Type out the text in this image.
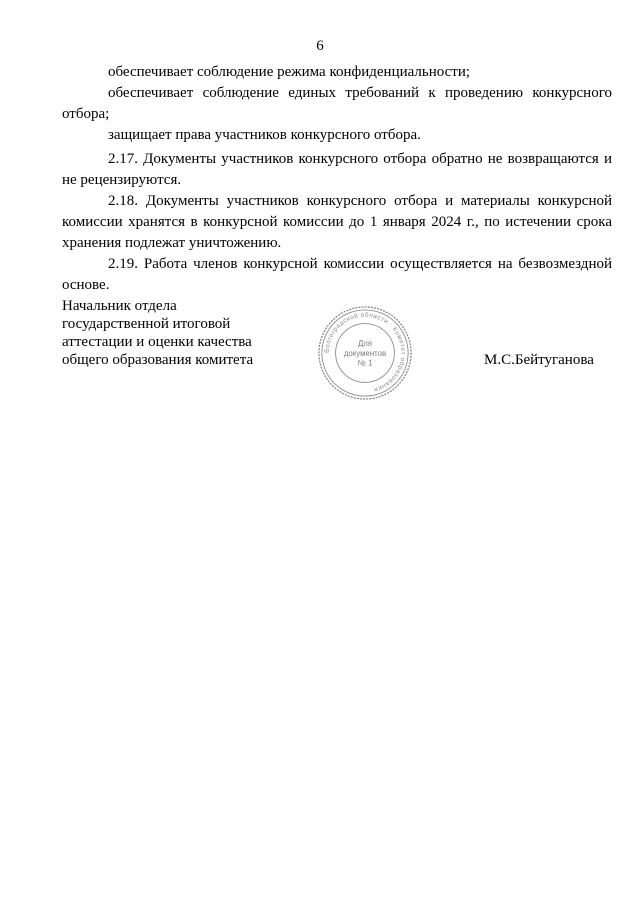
6

обеспечивает соблюдение режима конфиденциальности;

обеспечивает соблюдение единых требований к проведению конкурсного отбора;

защищает права участников конкурсного отбора.

2.17. Документы участников конкурсного отбора обратно не возвращаются и не рецензируются.

2.18. Документы участников конкурсного отбора и материалы конкурсной комиссии хранятся в конкурсной комиссии до 1 января 2024 г., по истечении срока хранения подлежат уничтожению.

2.19. Работа членов конкурсной комиссии осуществляется на безвозмездной основе.

Начальник отдела
государственной итоговой
аттестации и оценки качества
общего образования комитета
Волгоградской области · Комитет образования
Для
документов
№ 1	М.С.Бейтуганова
